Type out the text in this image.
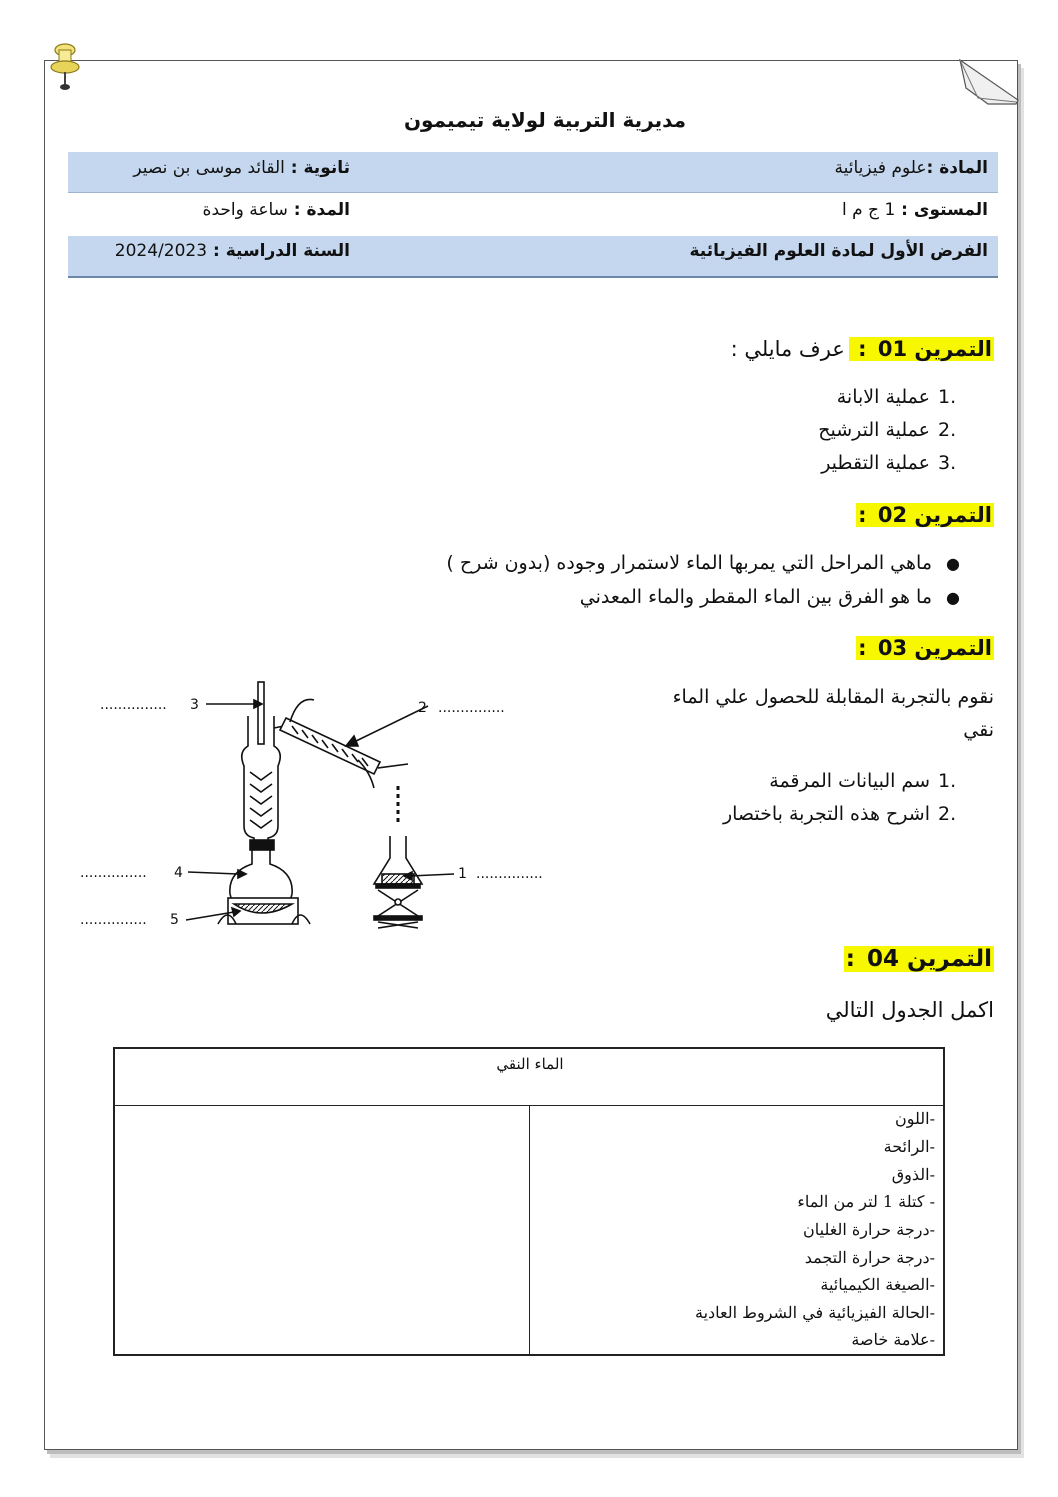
مديرية التربية لولاية تيميمون
المادة :علوم فيزيائية
ثانوية : القائد موسى بن نصير
المستوى : 1 ج م ا
المدة : ساعة واحدة
الفرض الأول لمادة العلوم الفيزيائية
السنة الدراسية : 2024/2023
التمرين 01 : عرف مايلي :
.1عملية الابانة
.2عملية الترشيح
.3عملية التقطير
التمرين 02 :
●ماهي المراحل التي يمربها الماء لاستمرار وجوده (بدون شرح )
●ما هو الفرق بين الماء المقطر والماء المعدني
التمرين 03 :
نقوم بالتجربة المقابلة للحصول علي الماء
نقي
.1سم البيانات المرقمة
.2اشرح هذه التجربة باختصار
3
...............	2 ...............
4
...............
5
...............
1 ...............
التمرين 04 :
اكمل الجدول التالي
الماء النقي
-اللون
-الرائحة
-الذوق
- كتلة 1 لتر من الماء
-درجة حرارة الغليان
-درجة حرارة التجمد
-الصيغة الكيميائية
-الحالة الفيزيائية في الشروط العادية
-علامة خاصة
